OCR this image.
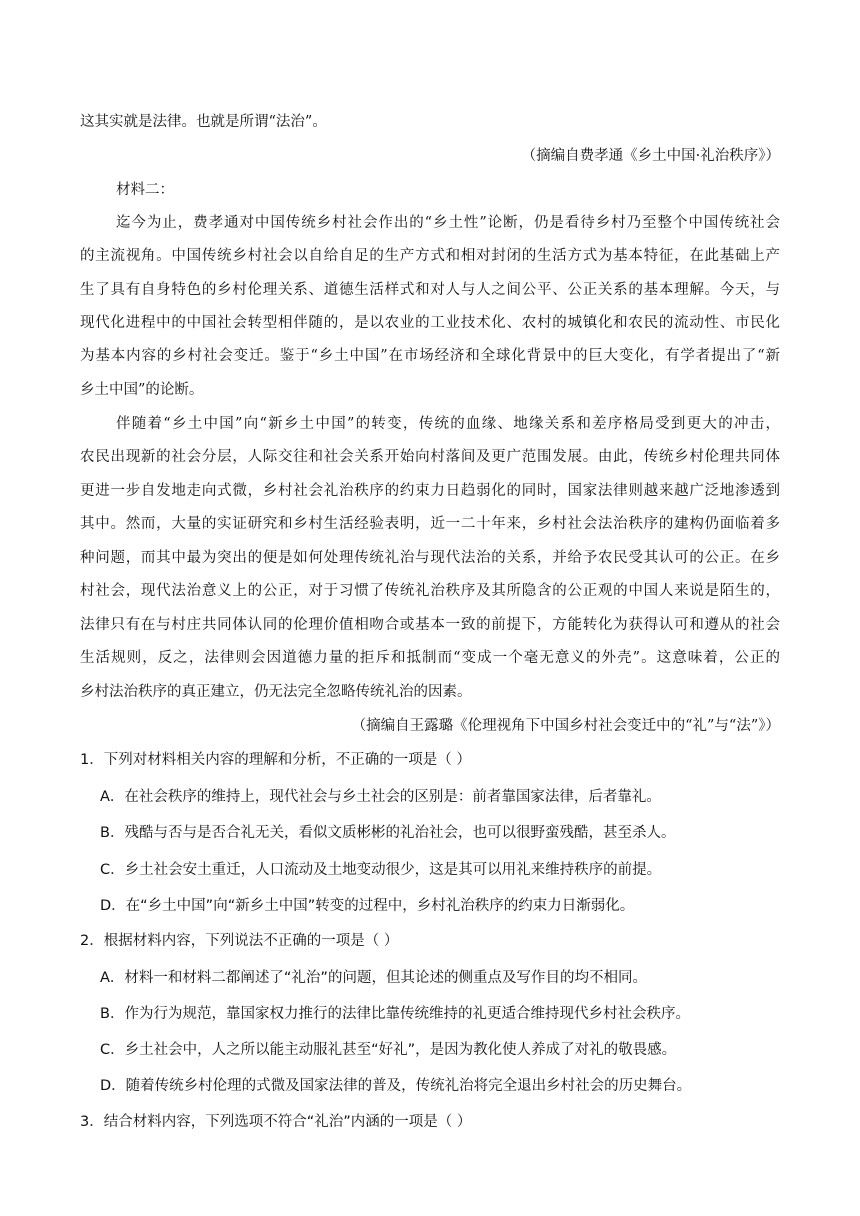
这其实就是法律。也就是所谓“法治”。
（摘编自费孝通《乡土中国·礼治秩序》）
材料二：
迄今为止，费孝通对中国传统乡村社会作出的“乡土性”论断，仍是看待乡村乃至整个中国传统社会
的主流视角。中国传统乡村社会以自给自足的生产方式和相对封闭的生活方式为基本特征，在此基础上产
生了具有自身特色的乡村伦理关系、道德生活样式和对人与人之间公平、公正关系的基本理解。今天，与
现代化进程中的中国社会转型相伴随的，是以农业的工业技术化、农村的城镇化和农民的流动性、市民化
为基本内容的乡村社会变迁。鉴于“乡土中国”在市场经济和全球化背景中的巨大变化，有学者提出了“新
乡土中国”的论断。
伴随着“乡土中国”向“新乡土中国”的转变，传统的血缘、地缘关系和差序格局受到更大的冲击，
农民出现新的社会分层，人际交往和社会关系开始向村落间及更广范围发展。由此，传统乡村伦理共同体
更进一步自发地走向式微，乡村社会礼治秩序的约束力日趋弱化的同时，国家法律则越来越广泛地渗透到
其中。然而，大量的实证研究和乡村生活经验表明，近一二十年来，乡村社会法治秩序的建构仍面临着多
种问题，而其中最为突出的便是如何处理传统礼治与现代法治的关系，并给予农民受其认可的公正。在乡
村社会，现代法治意义上的公正，对于习惯了传统礼治秩序及其所隐含的公正观的中国人来说是陌生的，
法律只有在与村庄共同体认同的伦理价值相吻合或基本一致的前提下，方能转化为获得认可和遵从的社会
生活规则，反之，法律则会因道德力量的拒斥和抵制而“变成一个毫无意义的外壳”。这意味着，公正的
乡村法治秩序的真正建立，仍无法完全忽略传统礼治的因素。
（摘编自王露璐《伦理视角下中国乡村社会变迁中的“礼”与“法”》）
1．下列对材料相关内容的理解和分析，不正确的一项是（ ）
A．在社会秩序的维持上，现代社会与乡土社会的区别是：前者靠国家法律，后者靠礼。
B．残酷与否与是否合礼无关，看似文质彬彬的礼治社会，也可以很野蛮残酷，甚至杀人。
C．乡土社会安土重迁，人口流动及土地变动很少，这是其可以用礼来维持秩序的前提。
D．在“乡土中国”向“新乡土中国”转变的过程中，乡村礼治秩序的约束力日渐弱化。
2．根据材料内容，下列说法不正确的一项是（ ）
A．材料一和材料二都阐述了“礼治”的问题，但其论述的侧重点及写作目的均不相同。
B．作为行为规范，靠国家权力推行的法律比靠传统维持的礼更适合维持现代乡村社会秩序。
C．乡土社会中，人之所以能主动服礼甚至“好礼”，是因为教化使人养成了对礼的敬畏感。
D．随着传统乡村伦理的式微及国家法律的普及，传统礼治将完全退出乡村社会的历史舞台。
3．结合材料内容，下列选项不符合“礼治”内涵的一项是（ ）
